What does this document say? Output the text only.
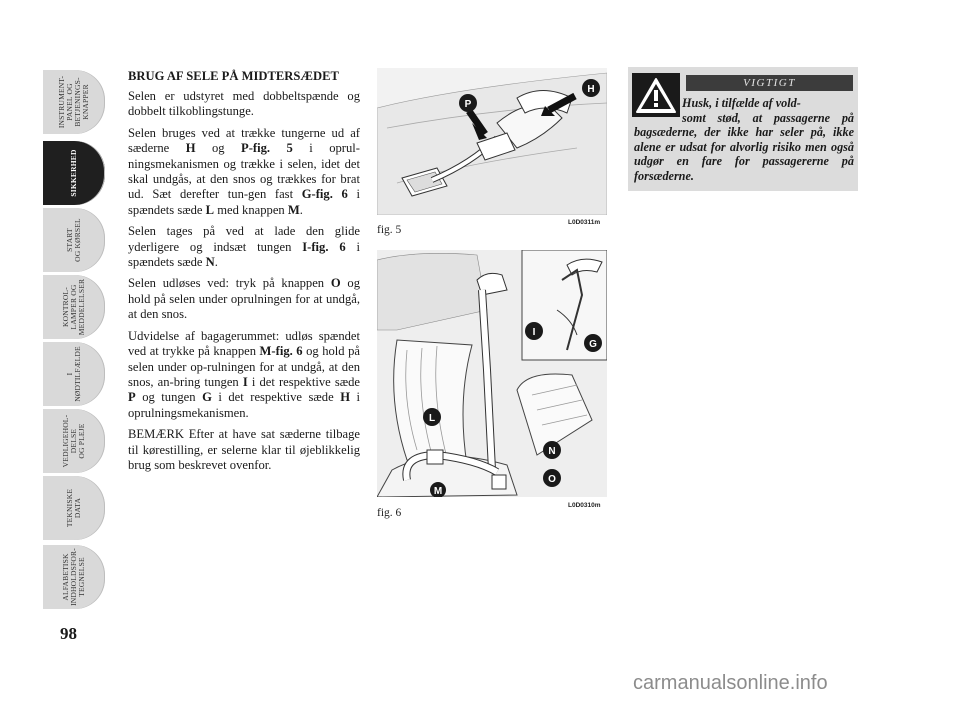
INSTRUMENT-
PANEL OG
BETJENINGS-
KNAPPER
SIKKERHED
START
OG KØRSEL
KONTROL-
LAMPER OG
MEDDELELSER
I
NØDTILFÆLDE
VEDLIGEHOL-
DELSE
OG PLEJE
TEKNISKE
DATA
ALFABETISK
INDHOLDSFOR-
TEGNELSE
98
BRUG AF SELE PÅ MIDTERSÆDET

Selen er udstyret med dobbeltspænde og dobbelt tilkoblingstunge.

Selen bruges ved at trække tungerne ud af sæderne H og P-fig. 5 i oprul-ningsmekanismen og trække i selen, idet det skal undgås, at den snos og trækkes for brat ud. Sæt derefter tun-gen fast G-fig. 6 i spændets sæde L med knappen M.

Selen tages på ved at lade den glide yderligere og indsæt tungen I-fig. 6 i spændets sæde N.

Selen udløses ved: tryk på knappen O og hold på selen under oprulningen for at undgå, at den snos.

Udvidelse af bagagerummet: udløs spændet ved at trykke på knappen M-fig. 6 og hold på selen under op-rulningen for at undgå, at den snos, an-bring tungen I i det respektive sæde P og tungen G i det respektive sæde H i oprulningsmekanismen.

BEMÆRK Efter at have sat sæderne tilbage til kørestilling, er selerne klar til øjeblikkelig brug som beskrevet ovenfor.

P
H
L0D0311m
fig. 5
I
G
L
N
O
M
L0D0310m
fig. 6
VIGTIGT
Husk, i tilfælde af vold-
somt stød, at passagerne på bagsæderne, der ikke har seler på, ikke alene er udsat for alvorlig risiko men også udgør en fare for passagererne på forsæderne.
carmanualsonline.info
